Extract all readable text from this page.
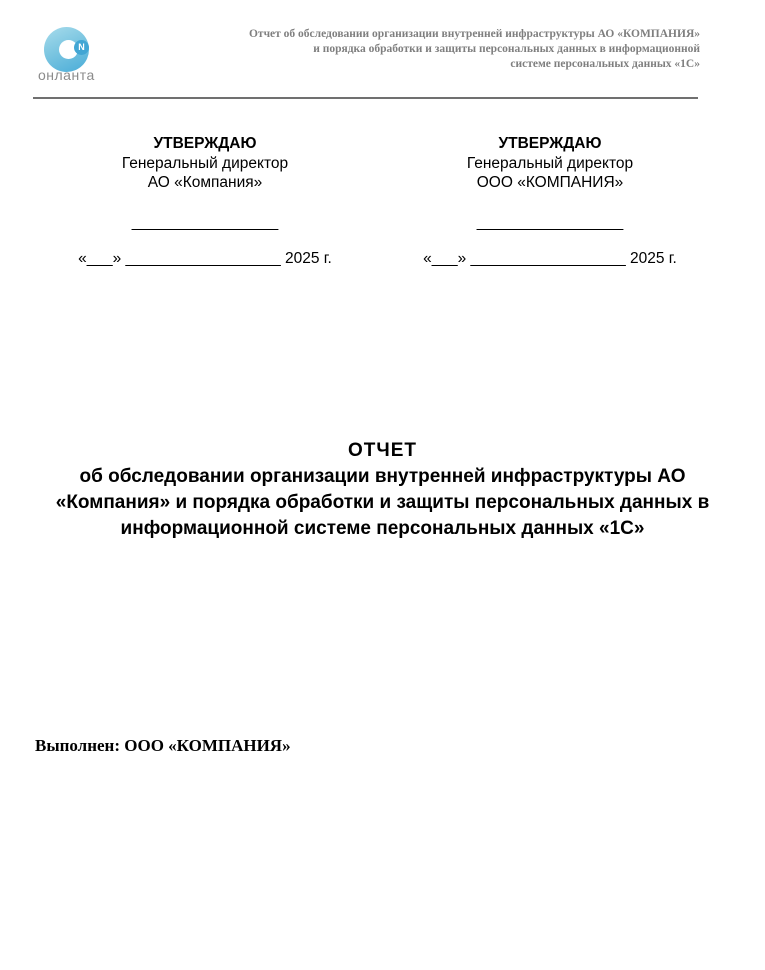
N
онланта
Отчет об обследовании организации внутренней инфраструктуры АО «КОМПАНИЯ»
и порядка обработки и защиты персональных данных в информационной
системе персональных данных «1С»
УТВЕРЖДАЮ
Генеральный директор
АО «Компания»
_________________
«___» __________________ 2025 г.
УТВЕРЖДАЮ
Генеральный директор
ООО «КОМПАНИЯ»
_________________
«___» __________________ 2025 г.
ОТЧЕТ
об обследовании организации внутренней инфраструктуры АО
«Компания» и порядка обработки и защиты персональных данных в
информационной системе персональных данных «1С»
Выполнен: ООО «КОМПАНИЯ»
